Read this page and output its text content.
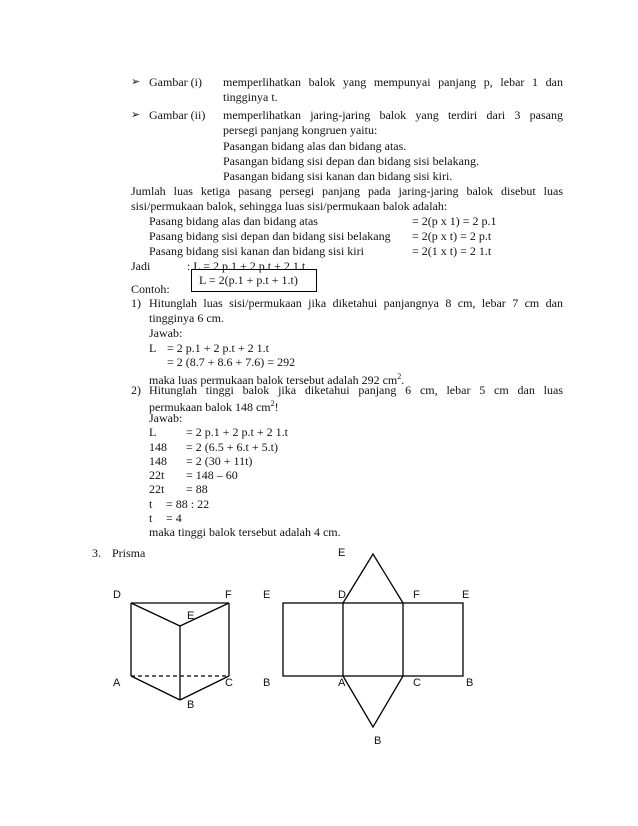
➢ Gambar (i) memperlihatkan balok yang mempunyai panjang p, lebar 1 dan
tingginya t.
➢ Gambar (ii) memperlihatkan jaring-jaring balok yang terdiri dari 3 pasang
persegi panjang kongruen yaitu:
Pasangan bidang alas dan bidang atas.
Pasangan bidang sisi depan dan bidang sisi belakang.
Pasangan bidang sisi kanan dan bidang sisi kiri.
Jumlah luas ketiga pasang persegi panjang pada jaring-jaring balok disebut luas
sisi/permukaan balok, sehingga luas sisi/permukaan balok adalah:
Pasang bidang alas dan bidang atas	= 2(p x 1) = 2 p.1
Pasang bidang sisi depan dan bidang sisi belakang = 2(p x t) = 2 p.t
Pasang bidang sisi kanan dan bidang sisi kiri	= 2(1 x t) = 2 1.t
Jadi	: L = 2 p.1 + 2 p.t + 2 1.t
L = 2(p.1 + p.t + 1.t)
Contoh:
1) Hitunglah luas sisi/permukaan jika diketahui panjangnya 8 cm, lebar 7 cm dan
tingginya 6 cm.
Jawab:
L = 2 p.1 + 2 p.t + 2 1.t
= 2 (8.7 + 8.6 + 7.6) = 292
maka luas permukaan balok tersebut adalah 292 $cm^2$.
2) Hitunglah tinggi balok jika diketahui panjang 6 cm, lebar 5 cm dan luas
permukaan balok 148 $cm^2$!
Jawab:
L = 2 p.1 + 2 p.t + 2 1.t
148 = 2 (6.5 + 6.t + 5.t)
148 = 2 (30 + 11t)
22t = 148 – 60
22t = 88
t = 88 : 22
t = 4
maka tinggi balok tersebut adalah 4 cm.
3. Prisma
D	F
E
A	C
B
E
E	D	F	E
B	A	C	B
B
